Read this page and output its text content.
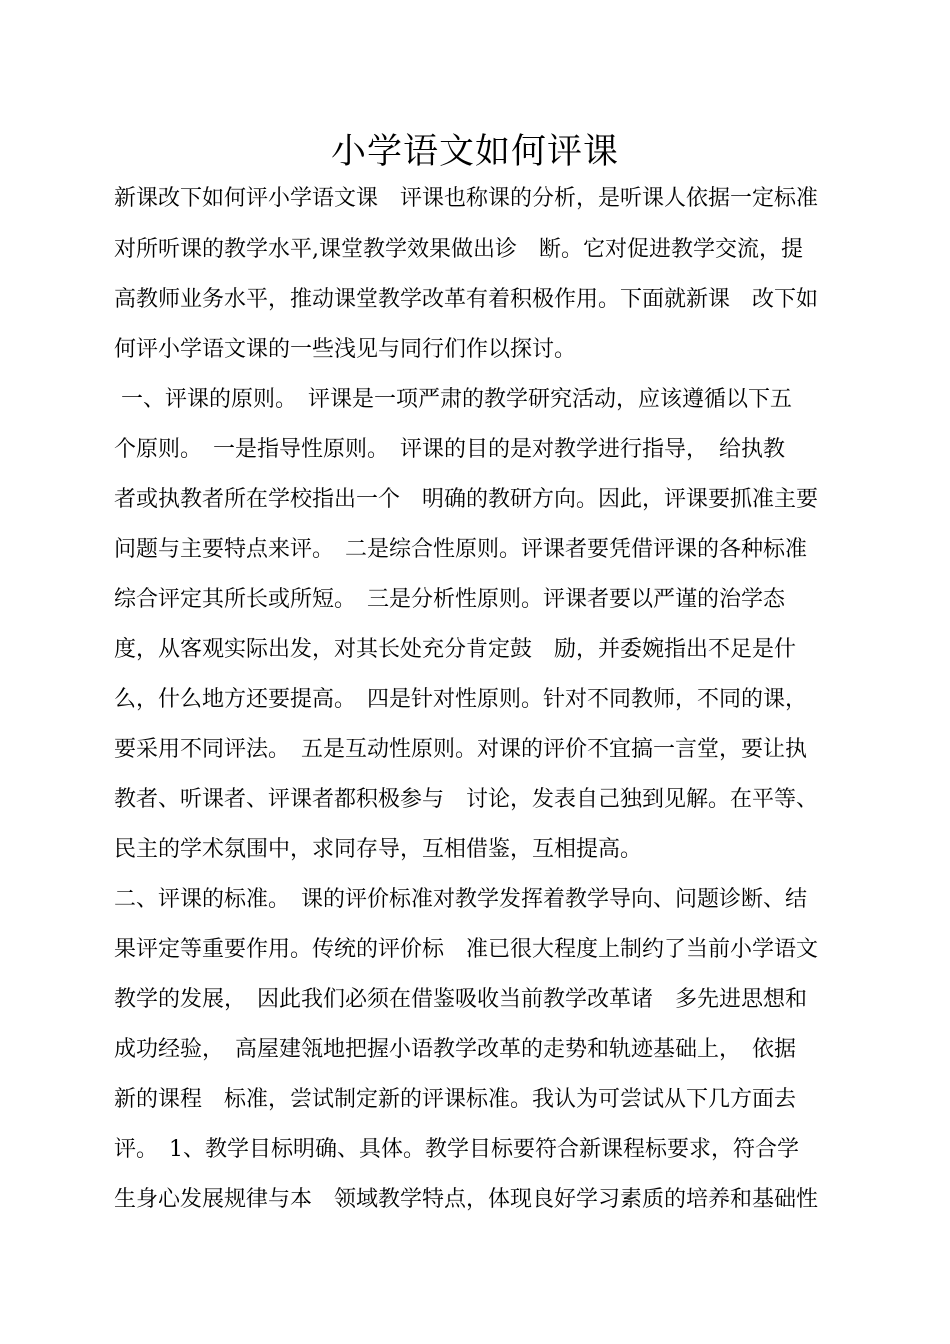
小学语文如何评课

新课改下如何评小学语文课　评课也称课的分析，是听课人依据一定标准

对所听课的教学水平,课堂教学效果做出诊　断。它对促进教学交流，提

高教师业务水平，推动课堂教学改革有着积极作用。下面就新课　改下如

何评小学语文课的一些浅见与同行们作以探讨。

一、评课的原则。　评课是一项严肃的教学研究活动，应该遵循以下五

个原则。　一是指导性原则。　评课的目的是对教学进行指导，　给执教

者或执教者所在学校指出一个　明确的教研方向。因此，评课要抓准主要

问题与主要特点来评。　二是综合性原则。评课者要凭借评课的各种标准

综合评定其所长或所短。　三是分析性原则。评课者要以严谨的治学态

度，从客观实际出发，对其长处充分肯定鼓　励，并委婉指出不足是什

么，什么地方还要提高。　四是针对性原则。针对不同教师，不同的课，

要采用不同评法。　五是互动性原则。对课的评价不宜搞一言堂，要让执

教者、听课者、评课者都积极参与　讨论，发表自己独到见解。在平等、

民主的学术氛围中，求同存导，互相借鉴，互相提高。

二、评课的标准。　课的评价标准对教学发挥着教学导向、问题诊断、结

果评定等重要作用。传统的评价标　准已很大程度上制约了当前小学语文

教学的发展，　因此我们必须在借鉴吸收当前教学改革诸　多先进思想和

成功经验，　高屋建瓴地把握小语教学改革的走势和轨迹基础上，　依据

新的课程　标准，尝试制定新的评课标准。我认为可尝试从下几方面去

评。　1、教学目标明确、具体。教学目标要符合新课程标要求，符合学

生身心发展规律与本　领域教学特点，体现良好学习素质的培养和基础性
